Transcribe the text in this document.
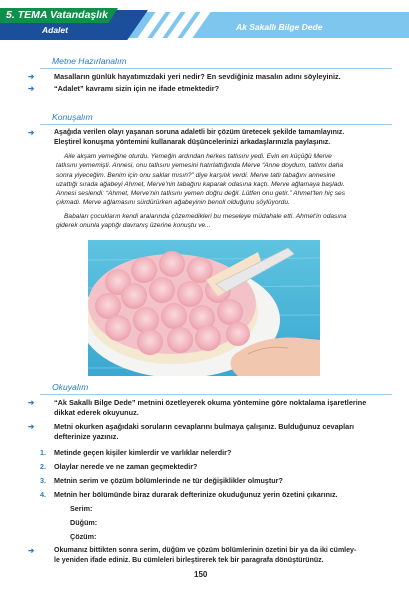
5. TEMA Vatandaşlık
Adalet	Ak Sakallı Bilge Dede
Metne Hazırlanalım
➔	Masalların günlük hayatımızdaki yeri nedir? En sevdiğiniz masalın adını söyleyiniz.
➔	“Adalet” kavramı sizin için ne ifade etmektedir?
Konuşalım
➔	Aşağıda verilen olayı yaşanan soruna adaletli bir çözüm üretecek şekilde tamamlayınız.
Eleştirel konuşma yöntemini kullanarak düşüncelerinizi arkadaşlarınızla paylaşınız.
Aile akşam yemeğine oturdu. Yemeğin ardından herkes tatlısını yedi. Evin en küçüğü Merve
tatlısını yememişti. Annesi, onu tatlısını yemesini hatırlattığında Merve “Anne doydum, tatlımı daha
sonra yiyeceğim. Benim için onu saklar mısın?” diye karşılık verdi. Merve tatlı tabağını annesine
uzattığı sırada ağabeyi Ahmet, Merve'nin tabağını kaparak odasına kaçtı. Merve ağlamaya başladı.
Annesi seslendi: “Ahmet, Merve'nin tatlısını yemen doğru değil. Lütfen onu getir.” Ahmet'ten hiç ses
çıkmadı. Merve ağlamasını sürdürürken ağabeyinin benoll olduğunu söylüyordu.
Babaları çocukların kendi aralarında çözemedikleri bu meseleye müdahale etti. Ahmet'in odasına
giderek onunla yaptığı davranış üzerine konuştu ve...
Okuyalım
➔	“Ak Sakallı Bilge Dede” metnini özetleyerek okuma yöntemine göre noktalama işaretlerine
dikkat ederek okuyunuz.
➔	Metni okurken aşağıdaki soruların cevaplarını bulmaya çalışınız. Bulduğunuz cevapları
defterinize yazınız.
1. Metinde geçen kişiler kimlerdir ve varlıklar nelerdir?
2. Olaylar nerede ve ne zaman geçmektedir?
3. Metnin serim ve çözüm bölümlerinde ne tür değişiklikler olmuştur?
4. Metnin her bölümünde biraz durarak defterinize okuduğunuz yerin özetini çıkarınız.
Serim:
Düğüm:
Çözüm:
➔	Okumanız bittikten sonra serim, düğüm ve çözüm bölümlerinin özetini bir ya da iki cümley-
le yeniden ifade ediniz. Bu cümleleri birleştirerek tek bir paragrafa dönüştürünüz.
150
